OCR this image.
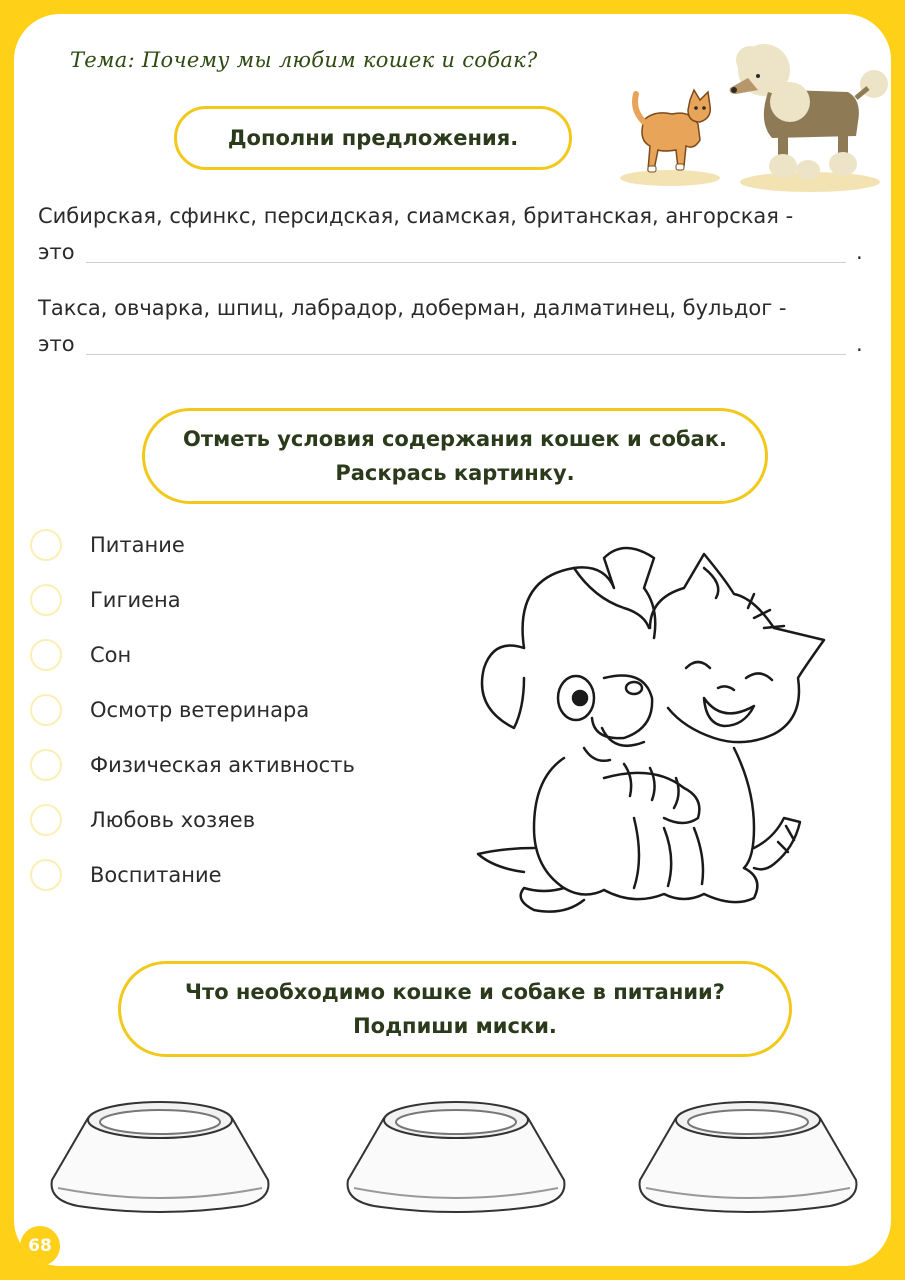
Тема: Почему мы любим кошек и собак?
Дополни предложения.
Сибирская, сфинкс, персидская, сиамская, британская, ангорская -
это	.
Такса, овчарка, шпиц, лабрадор, доберман, далматинец, бульдог -
это	.
Отметь условия содержания кошек и собак.
Раскрась картинку.
Питание
Гигиена
Сон
Осмотр ветеринара
Физическая активность
Любовь хозяев
Воспитание
Что необходимо кошке и собаке в питании?
Подпиши миски.
68
